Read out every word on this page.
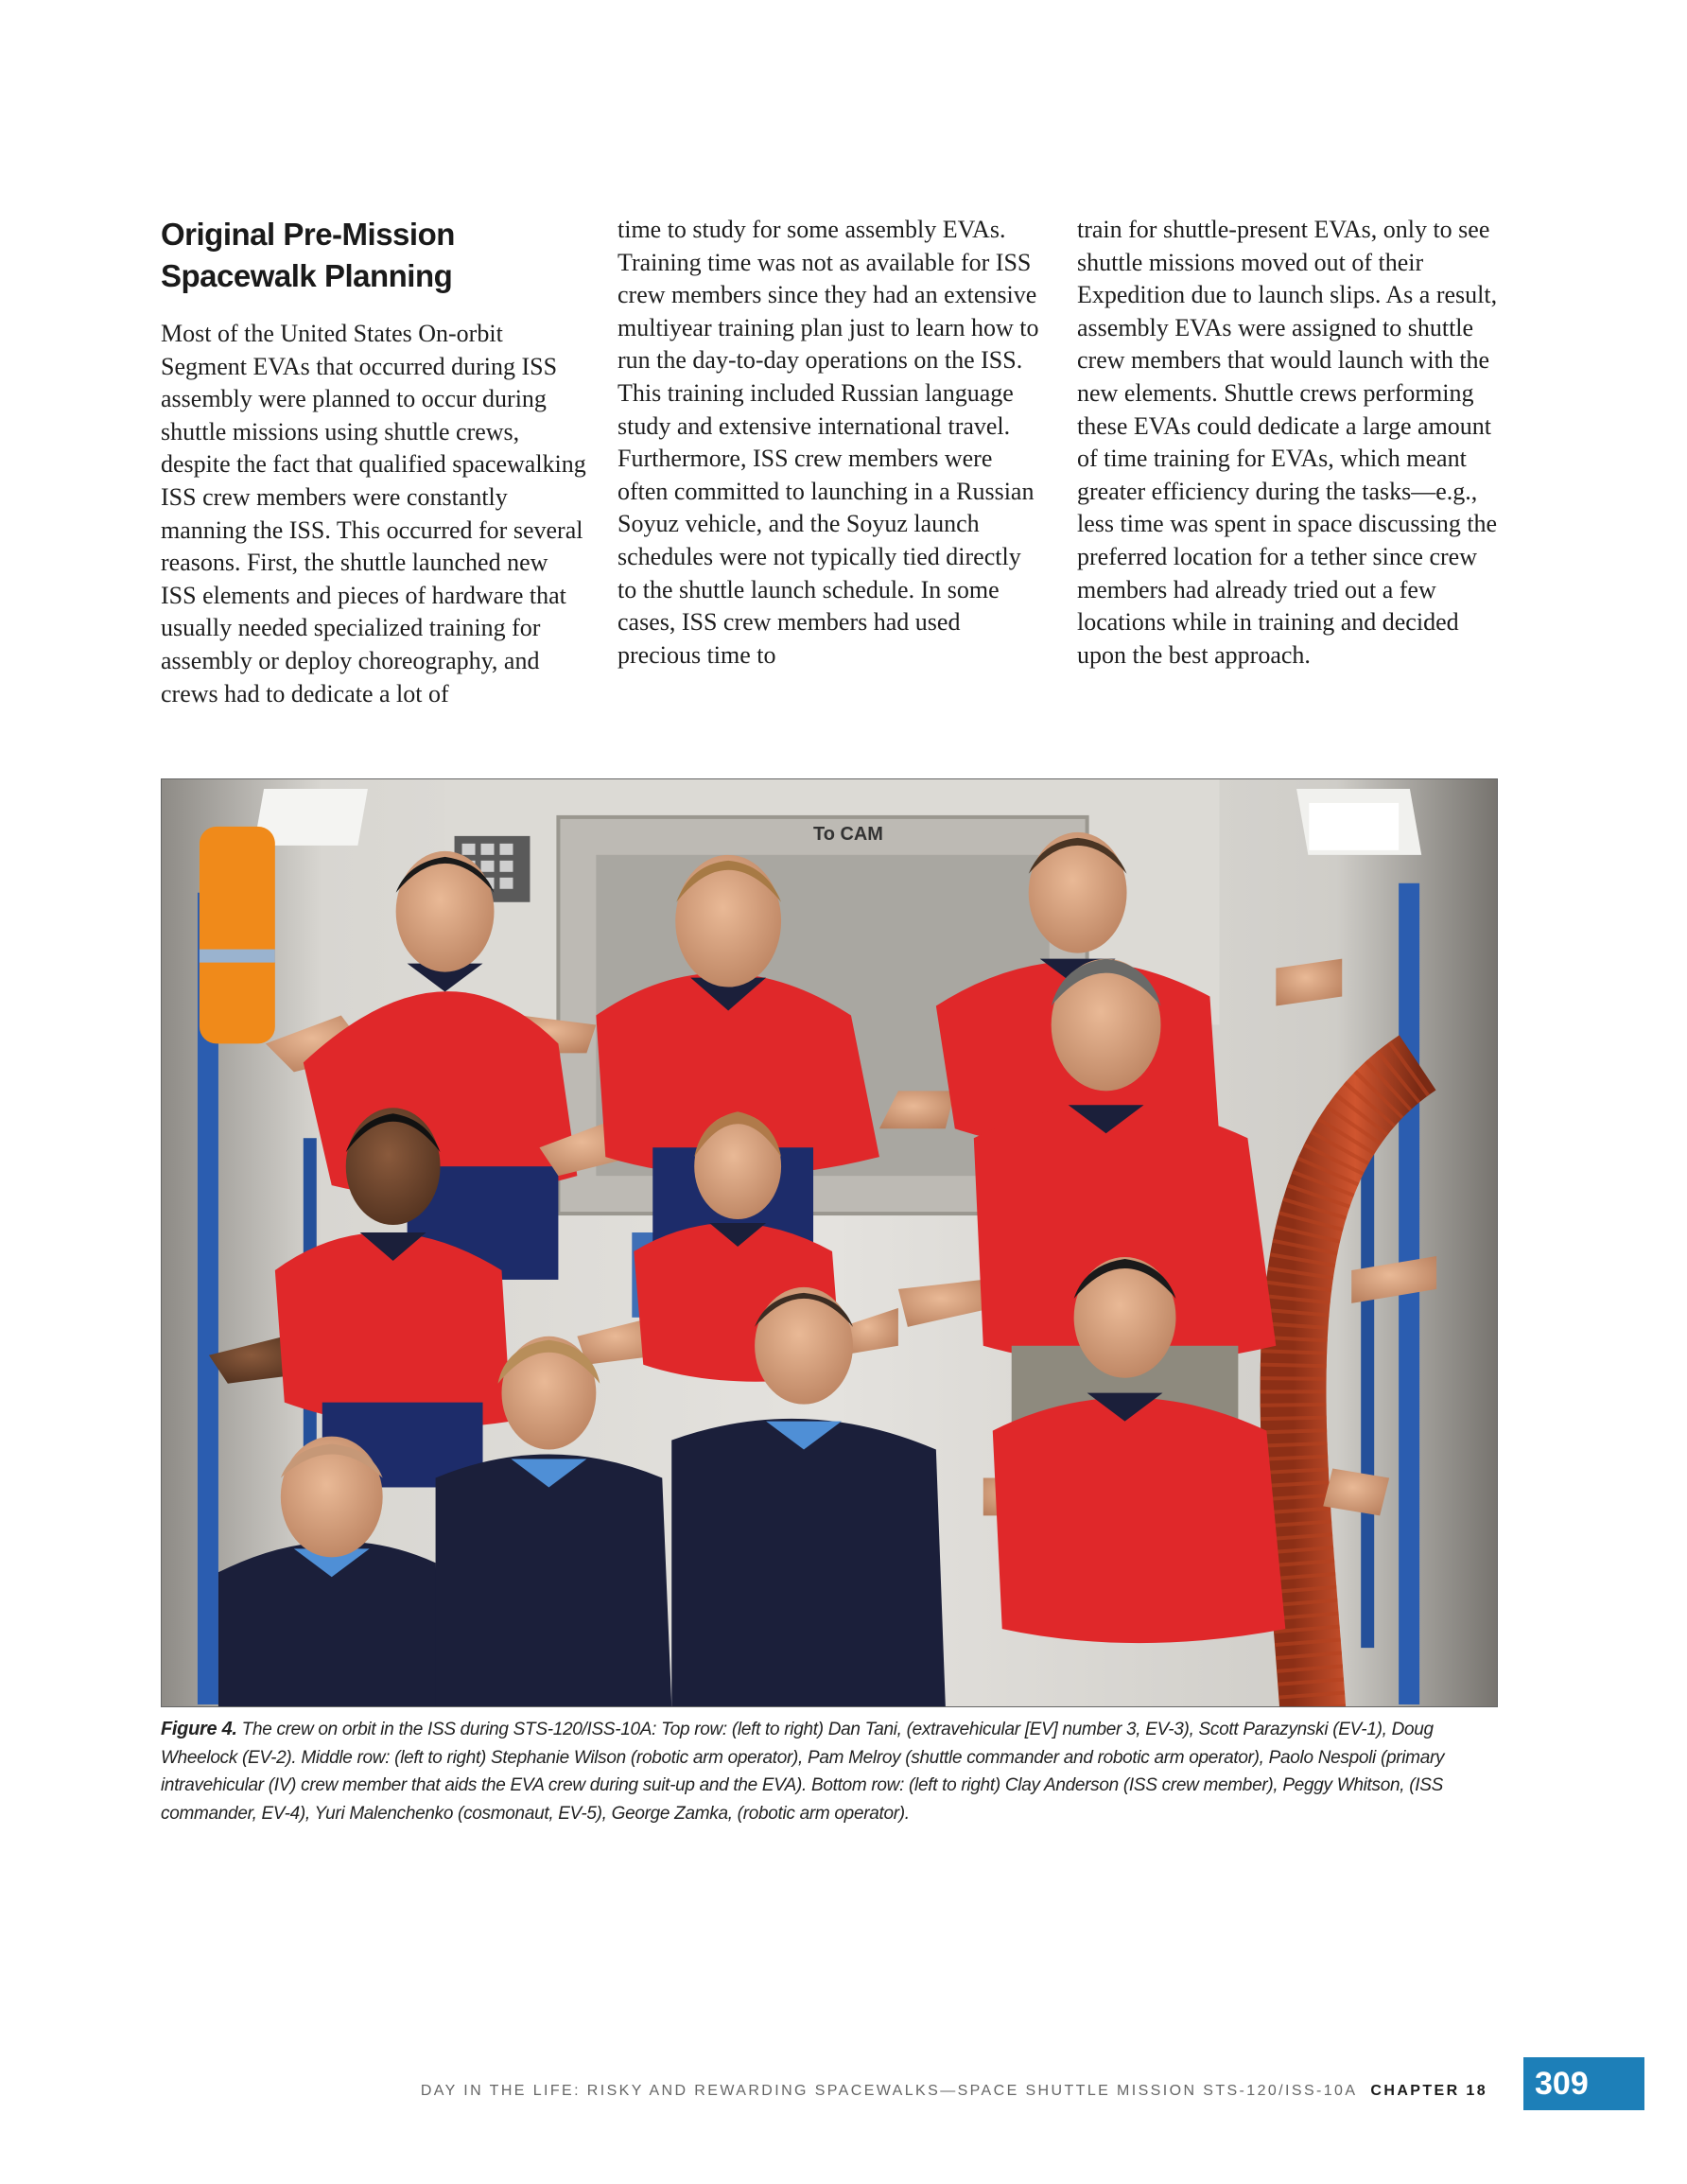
Original Pre-Mission
Spacewalk Planning

Most of the United States On-orbit Segment EVAs that occurred during ISS assembly were planned to occur during shuttle missions using shuttle crews, despite the fact that qualified spacewalking ISS crew members were constantly manning the ISS. This occurred for several reasons. First, the shuttle launched new ISS elements and pieces of hardware that usually needed specialized training for assembly or deploy choreography, and crews had to dedicate a lot of

time to study for some assembly EVAs. Training time was not as available for ISS crew members since they had an extensive multiyear training plan just to learn how to run the day-to-day operations on the ISS. This training included Russian language study and extensive international travel. Furthermore, ISS crew members were often committed to launching in a Russian Soyuz vehicle, and the Soyuz launch schedules were not typically tied directly to the shuttle launch schedule. In some cases, ISS crew members had used precious time to

train for shuttle-present EVAs, only to see shuttle missions moved out of their Expedition due to launch slips. As a result, assembly EVAs were assigned to shuttle crew members that would launch with the new elements. Shuttle crews performing these EVAs could dedicate a large amount of time training for EVAs, which meant greater efficiency during the tasks—e.g., less time was spent in space discussing the preferred location for a tether since crew members had already tried out a few locations while in training and decided upon the best approach.

To CAM
Figure 4. The crew on orbit in the ISS during STS-120/ISS-10A: Top row: (left to right) Dan Tani, (extravehicular [EV] number 3, EV-3), Scott Parazynski (EV-1), Doug Wheelock (EV-2). Middle row: (left to right) Stephanie Wilson (robotic arm operator), Pam Melroy (shuttle commander and robotic arm operator), Paolo Nespoli (primary intravehicular (IV) crew member that aids the EVA crew during suit-up and the EVA). Bottom row: (left to right) Clay Anderson (ISS crew member), Peggy Whitson, (ISS commander, EV-4), Yuri Malenchenko (cosmonaut, EV-5), George Zamka, (robotic arm operator).
DAY IN THE LIFE: RISKY AND REWARDING SPACEWALKS—SPACE SHUTTLE MISSION STS-120/ISS-10A CHAPTER 18	309
